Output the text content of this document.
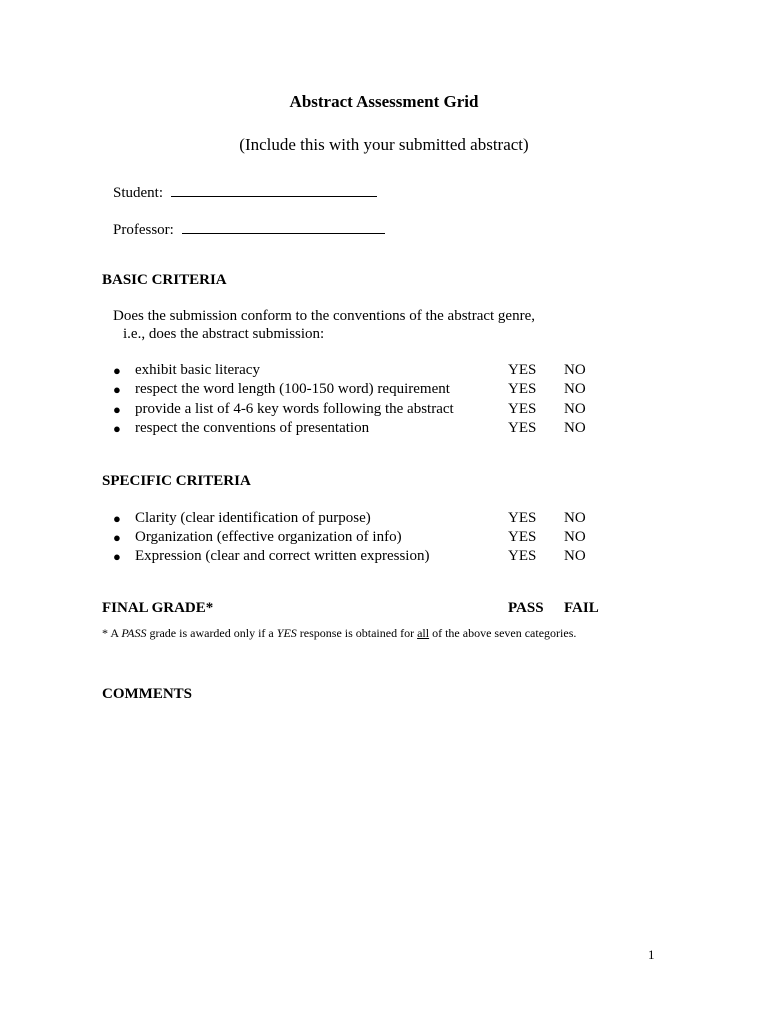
Abstract Assessment Grid
(Include this with your submitted abstract)
Student:
Professor:
BASIC CRITERIA
Does the submission conform to the conventions of the abstract genre,
i.e., does the abstract submission:
● exhibit basic literacy	YES NO
● respect the word length (100-150 word) requirement	YES NO
● provide a list of 4-6 key words following the abstract	YES NO
● respect the conventions of presentation	YES NO
SPECIFIC CRITERIA
● Clarity (clear identification of purpose)	YES NO
● Organization (effective organization of info)	YES NO
● Expression (clear and correct written expression)	YES NO
FINAL GRADE*	PASS FAIL
* A PASS grade is awarded only if a YES response is obtained for all of the above seven categories.
COMMENTS
1
